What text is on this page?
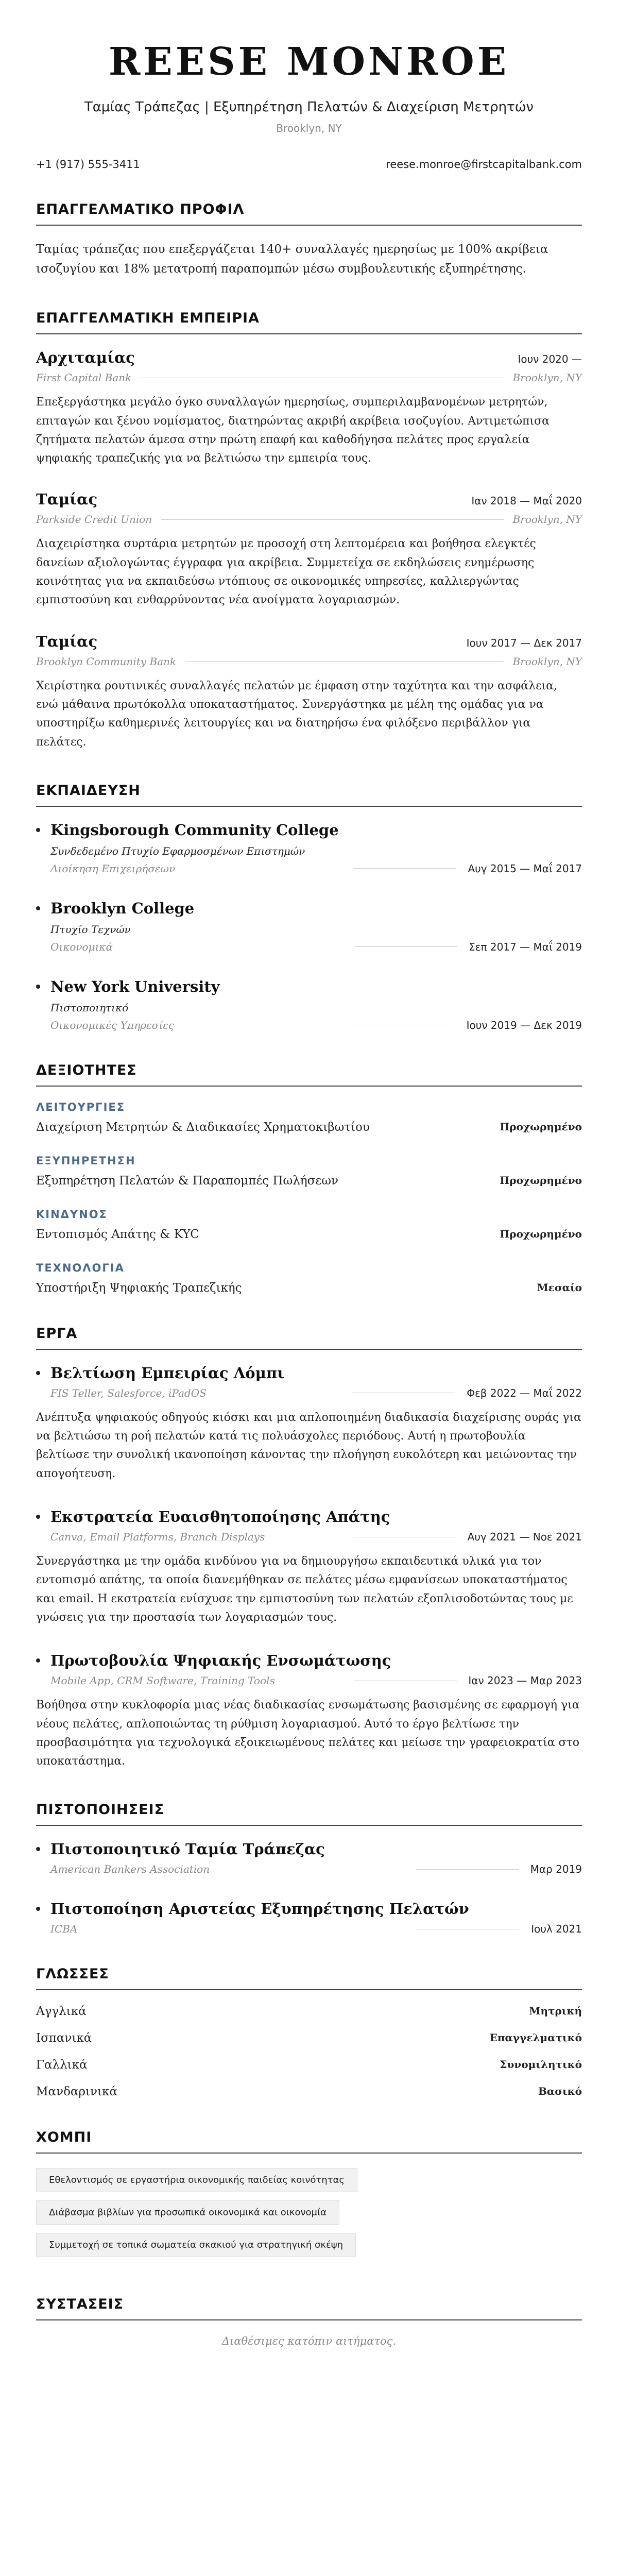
REESE MONROE
Ταμίας Τράπεζας | Εξυπηρέτηση Πελατών & Διαχείριση Μετρητών
Brooklyn, NY
+1 (917) 555-3411	reese.monroe@firstcapitalbank.com
ΕΠΑΓΓΕΛΜΑΤΙΚΟ ΠΡΟΦΙΛ

Ταμίας τράπεζας που επεξεργάζεται 140+ συναλλαγές ημερησίως με 100% ακρίβεια ισοζυγίου και 18% μετατροπή παραπομπών μέσω συμβουλευτικής εξυπηρέτησης.

ΕΠΑΓΓΕΛΜΑΤΙΚΗ ΕΜΠΕΙΡΙΑ
Αρχιταμίας	Ιουν 2020 —
First Capital Bank	Brooklyn, NY
Επεξεργάστηκα μεγάλο όγκο συναλλαγών ημερησίως, συμπεριλαμβανομένων μετρητών, επιταγών και ξένου νομίσματος, διατηρώντας ακριβή ακρίβεια ισοζυγίου. Αντιμετώπισα ζητήματα πελατών άμεσα στην πρώτη επαφή και καθοδήγησα πελάτες προς εργαλεία ψηφιακής τραπεζικής για να βελτιώσω την εμπειρία τους.
Ταμίας	Ιαν 2018 — Μαΐ 2020
Parkside Credit Union	Brooklyn, NY
Διαχειρίστηκα συρτάρια μετρητών με προσοχή στη λεπτομέρεια και βοήθησα ελεγκτές δανείων αξιολογώντας έγγραφα για ακρίβεια. Συμμετείχα σε εκδηλώσεις ενημέρωσης κοινότητας για να εκπαιδεύσω ντόπιους σε οικονομικές υπηρεσίες, καλλιεργώντας εμπιστοσύνη και ενθαρρύνοντας νέα ανοίγματα λογαριασμών.
Ταμίας	Ιουν 2017 — Δεκ 2017
Brooklyn Community Bank	Brooklyn, NY
Χειρίστηκα ρουτινικές συναλλαγές πελατών με έμφαση στην ταχύτητα και την ασφάλεια, ενώ μάθαινα πρωτόκολλα υποκαταστήματος. Συνεργάστηκα με μέλη της ομάδας για να υποστηρίξω καθημερινές λειτουργίες και να διατηρήσω ένα φιλόξενο περιβάλλον για πελάτες.
ΕΚΠΑΙΔΕΥΣΗ
Kingsborough Community College
Συνδεδεμένο Πτυχίο Εφαρμοσμένων Επιστημών
Διοίκηση Επιχειρήσεων	Αυγ 2015 — Μαΐ 2017
Brooklyn College
Πτυχίο Τεχνών
Οικονομικά	Σεπ 2017 — Μαΐ 2019
New York University
Πιστοποιητικό
Οικονομικές Υπηρεσίες	Ιουν 2019 — Δεκ 2019
ΔΕΞΙΟΤΗΤΕΣ
ΛΕΙΤΟΥΡΓΙΕΣ
Διαχείριση Μετρητών & Διαδικασίες Χρηματοκιβωτίου	Προχωρημένο
ΕΞΥΠΗΡΕΤΗΣΗ
Εξυπηρέτηση Πελατών & Παραπομπές Πωλήσεων	Προχωρημένο
ΚΙΝΔΥΝΟΣ
Εντοπισμός Απάτης & KYC	Προχωρημένο
ΤΕΧΝΟΛΟΓΙΑ
Υποστήριξη Ψηφιακής Τραπεζικής	Μεσαίο
ΕΡΓΑ
Βελτίωση Εμπειρίας Λόμπι
FIS Teller, Salesforce, iPadOS	Φεβ 2022 — Μαΐ 2022
Ανέπτυξα ψηφιακούς οδηγούς κιόσκι και μια απλοποιημένη διαδικασία διαχείρισης ουράς για να βελτιώσω τη ροή πελατών κατά τις πολυάσχολες περιόδους. Αυτή η πρωτοβουλία βελτίωσε την συνολική ικανοποίηση κάνοντας την πλοήγηση ευκολότερη και μειώνοντας την απογοήτευση.
Εκστρατεία Ευαισθητοποίησης Απάτης
Canva, Email Platforms, Branch Displays	Αυγ 2021 — Νοε 2021
Συνεργάστηκα με την ομάδα κινδύνου για να δημιουργήσω εκπαιδευτικά υλικά για τον εντοπισμό απάτης, τα οποία διανεμήθηκαν σε πελάτες μέσω εμφανίσεων υποκαταστήματος και email. Η εκστρατεία ενίσχυσε την εμπιστοσύνη των πελατών εξοπλισοδοτώντας τους με γνώσεις για την προστασία των λογαριασμών τους.
Πρωτοβουλία Ψηφιακής Ενσωμάτωσης
Mobile App, CRM Software, Training Tools	Ιαν 2023 — Μαρ 2023
Βοήθησα στην κυκλοφορία μιας νέας διαδικασίας ενσωμάτωσης βασισμένης σε εφαρμογή για νέους πελάτες, απλοποιώντας τη ρύθμιση λογαριασμού. Αυτό το έργο βελτίωσε την προσβασιμότητα για τεχνολογικά εξοικειωμένους πελάτες και μείωσε την γραφειοκρατία στο υποκατάστημα.
ΠΙΣΤΟΠΟΙΗΣΕΙΣ
Πιστοποιητικό Ταμία Τράπεζας
American Bankers Association	Μαρ 2019
Πιστοποίηση Αριστείας Εξυπηρέτησης Πελατών
ICBA	Ιουλ 2021
ΓΛΩΣΣΕΣ
Αγγλικά	Μητρική
Ισπανικά	Επαγγελματικό
Γαλλικά	Συνομιλητικό
Μανδαρινικά	Βασικό
ΧΟΜΠΙ
Εθελοντισμός σε εργαστήρια οικονομικής παιδείας κοινότητας
Διάβασμα βιβλίων για προσωπικά οικονομικά και οικονομία
Συμμετοχή σε τοπικά σωματεία σκακιού για στρατηγική σκέψη
ΣΥΣΤΑΣΕΙΣ
Διαθέσιμες κατόπιν αιτήματος.
